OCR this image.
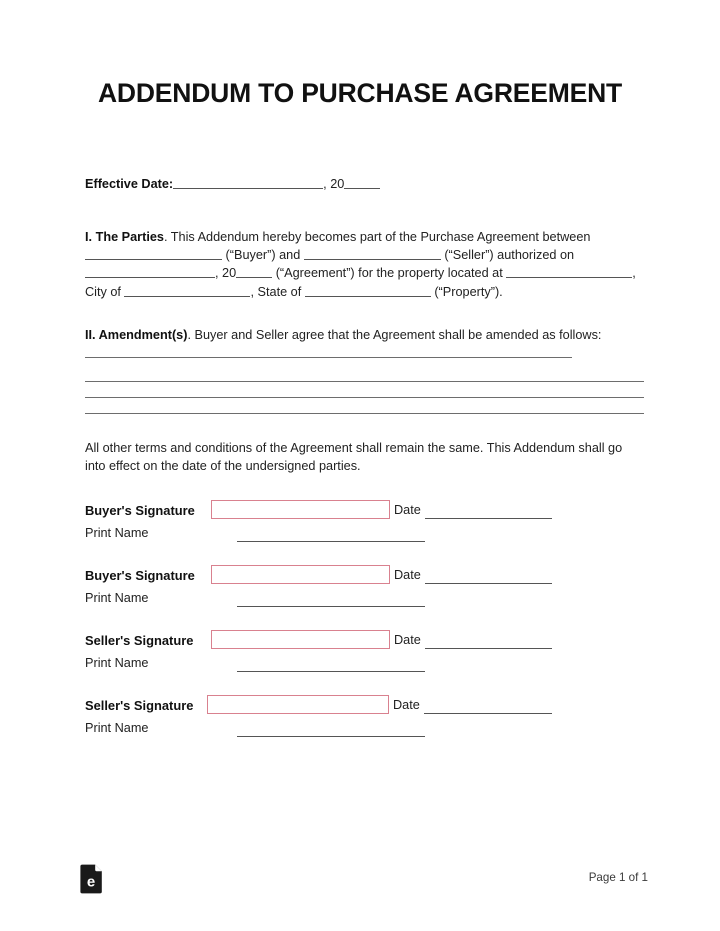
ADDENDUM TO PURCHASE AGREEMENT
Effective Date:	, 20
I. The Parties. This Addendum hereby becomes part of the Purchase Agreement between  (“Buyer”) and	(“Seller”) authorized on , 20	(“Agreement”) for the property located at	, City of	, State of	(“Property”).
II. Amendment(s). Buyer and Seller agree that the Agreement shall be amended as follows:
All other terms and conditions of the Agreement shall remain the same. This Addendum shall go into effect on the date of the undersigned parties.
Buyer's Signature	Date
Print Name
Buyer's Signature	Date
Print Name
Seller's Signature	Date
Print Name
Seller's Signature	Date
Print Name
e	Page 1 of 1
